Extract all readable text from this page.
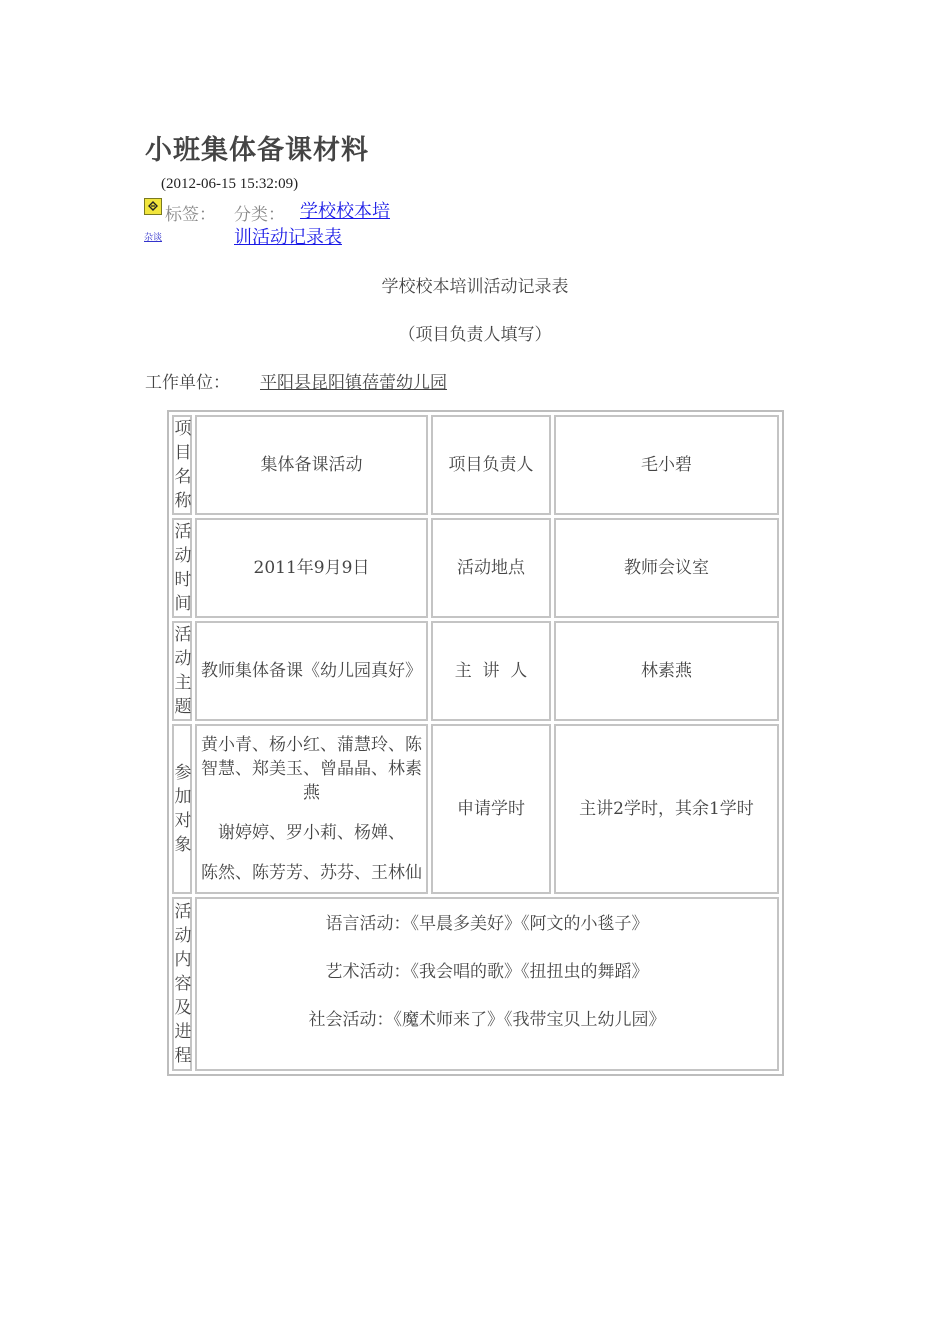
小班集体备课材料
(2012-06-15 15:32:09)
标签：
杂谈
分类： 学校校本培训活动记录表
学校校本培训活动记录表
（项目负责人填写）
工作单位： 平阳县昆阳镇蓓蕾幼儿园
项目名称	集体备课活动	项目负责人	毛小碧

活动时间	2011年9月9日	活动地点	教师会议室

活动主题	教师集体备课《幼儿园真好》	主  讲  人	林素燕

参加对象	黄小青、杨小红、蒲慧玲、陈智慧、郑美玉、曾晶晶、林素燕

谢婷婷、罗小莉、杨婵、

陈然、陈芳芳、苏芬、王林仙	申请学时	主讲2学时，其余1学时

活动内容及进程	语言活动：《早晨多美好》《阿文的小毯子》

艺术活动：《我会唱的歌》《扭扭虫的舞蹈》

社会活动：《魔术师来了》《我带宝贝上幼儿园》		
